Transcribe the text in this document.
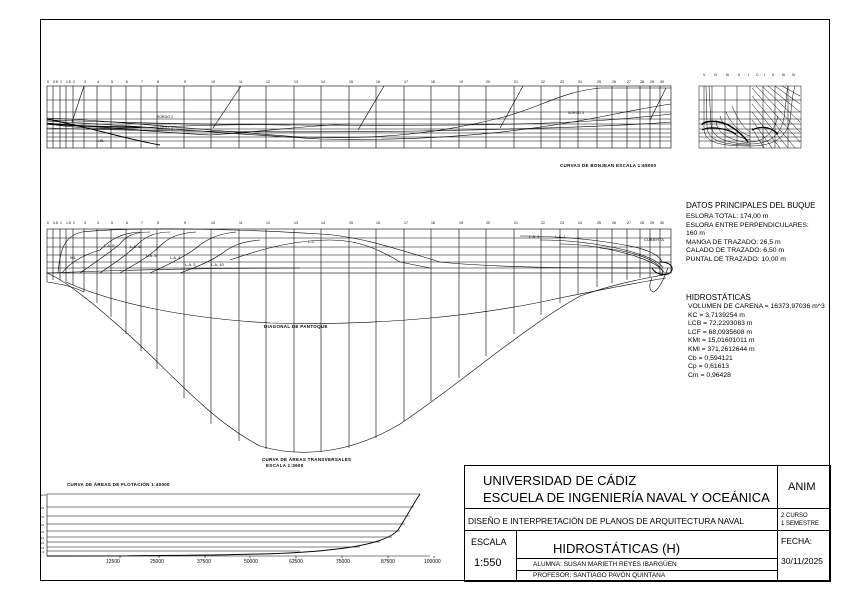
0 0.5 1 1.5 2	3	4	5	6	7	8	9	10	11	12	13	14	15	16	17	18	19	20	21	22	23	24	25	26	27	28 29 30
V IV III	II I C I II III IV
0 0.5 1 1.5 2	3	4	5	6	7	8	9	10	11	12	13	14	15	16	17	18	19	20	21	22	23	24	25	26	27	28 29 30
10.0
8.0
7.0
6.0
5.0
4.0
3.0
2.0
1.0
SORGO 1
SORGO 2
SORGO 3
LBL
CURVAS DE BONJEAN ESCALA 1:65000
WL
L.A. 8	L.A. 6
L.A. 5	L.A. 4
L.A. 3	L.A. 10
L.S.
L.A. 2	L.A. 1
CUBIERTA
DIAGONAL DE PANTOQUE
CURVA DE ÁREAS TRANSVERSALES
ESCALA 1:3600
CURVA DE ÁREAS DE FLOTACIÓN 1:40000
12500	25000	37500	50000	62500	75000	87500	100000
DATOS PRINCIPALES DEL BUQUE
ESLORA TOTAL: 174,00 m
ESLORA ENTRE PERPENDICULARES:
160 m
MANGA DE TRAZADO: 26,5 m
CALADO DE TRAZADO: 6,50 m
PUNTAL DE TRAZADO: 10,00 m
HIDROSTÁTICAS
VOLUMEN DE CARENA = 16373,97036 m^3
KC = 3,7139254 m
LCB = 72,2293083 m
LCF = 68,0935608 m
KMt = 15,01601011 m
KMl = 371,2612644 m
Cb = 0,594121
Cp = 0,61613
Cm = 0,96428
UNIVERSIDAD DE CÁDIZ
ESCUELA DE INGENIERÍA NAVAL Y OCEÁNICA
ANIM
DISEÑO E INTERPRETACIÓN DE PLANOS DE ARQUITECTURA NAVAL	2 CURSO
1 SEMESTRE
ESCALA
1:550
HIDROSTÁTICAS (H)
ALUMNA: SUSAN MARIETH REYES IBARGÜEN
PROFESOR: SANTIAGO PAVÓN QUINTANA
FECHA:
30/11/2025
